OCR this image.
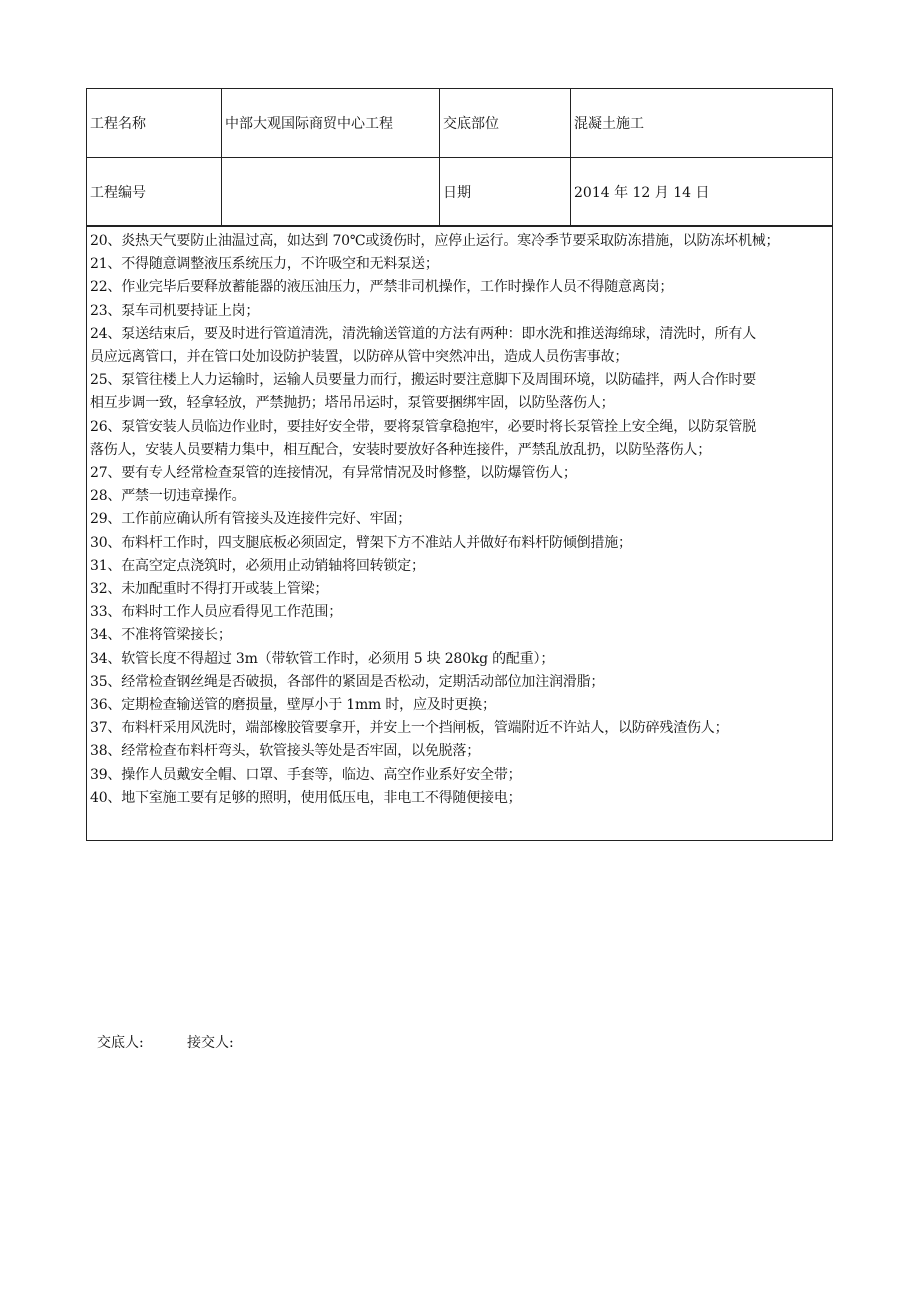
工程名称	中部大观国际商贸中心工程	交底部位	混凝土施工
工程编号		日期	2014 年 12 月 14 日
20、炎热天气要防止油温过高，如达到 70℃或烫伤时，应停止运行。寒冷季节要采取防冻措施，以防冻坏机械；
21、不得随意调整液压系统压力，不许吸空和无料泵送；
22、作业完毕后要释放蓄能器的液压油压力，严禁非司机操作，工作时操作人员不得随意离岗；
23、泵车司机要持证上岗；
24、泵送结束后，要及时进行管道清洗，清洗输送管道的方法有两种：即水洗和推送海绵球，清洗时，所有人
员应远离管口，并在管口处加设防护装置，以防碎从管中突然冲出，造成人员伤害事故；
25、泵管往楼上人力运输时，运输人员要量力而行，搬运时要注意脚下及周围环境，以防磕拌，两人合作时要
相互步调一致，轻拿轻放，严禁抛扔；塔吊吊运时，泵管要捆绑牢固，以防坠落伤人；
26、泵管安装人员临边作业时，要挂好安全带，要将泵管拿稳抱牢，必要时将长泵管拴上安全绳，以防泵管脱
落伤人，安装人员要精力集中，相互配合，安装时要放好各种连接件，严禁乱放乱扔，以防坠落伤人；
27、要有专人经常检查泵管的连接情况，有异常情况及时修整，以防爆管伤人；
28、严禁一切违章操作。
29、工作前应确认所有管接头及连接件完好、牢固；
30、布料杆工作时，四支腿底板必须固定，臂架下方不准站人并做好布料杆防倾倒措施；
31、在高空定点浇筑时，必须用止动销轴将回转锁定；
32、未加配重时不得打开或装上管梁；
33、布料时工作人员应看得见工作范围；
34、不准将管梁接长；
34、软管长度不得超过 3m（带软管工作时，必须用 5 块 280kg 的配重）；
35、经常检查钢丝绳是否破损，各部件的紧固是否松动，定期活动部位加注润滑脂；
36、定期检查输送管的磨损量，壁厚小于 1mm 时，应及时更换；
37、布料杆采用风洗时，端部橡胶管要拿开，并安上一个挡闸板，管端附近不许站人，以防碎残渣伤人；
38、经常检查布料杆弯头，软管接头等处是否牢固，以免脱落；
39、操作人员戴安全帽、口罩、手套等，临边、高空作业系好安全带；
40、地下室施工要有足够的照明，使用低压电，非电工不得随便接电；
交底人:	接交人:
